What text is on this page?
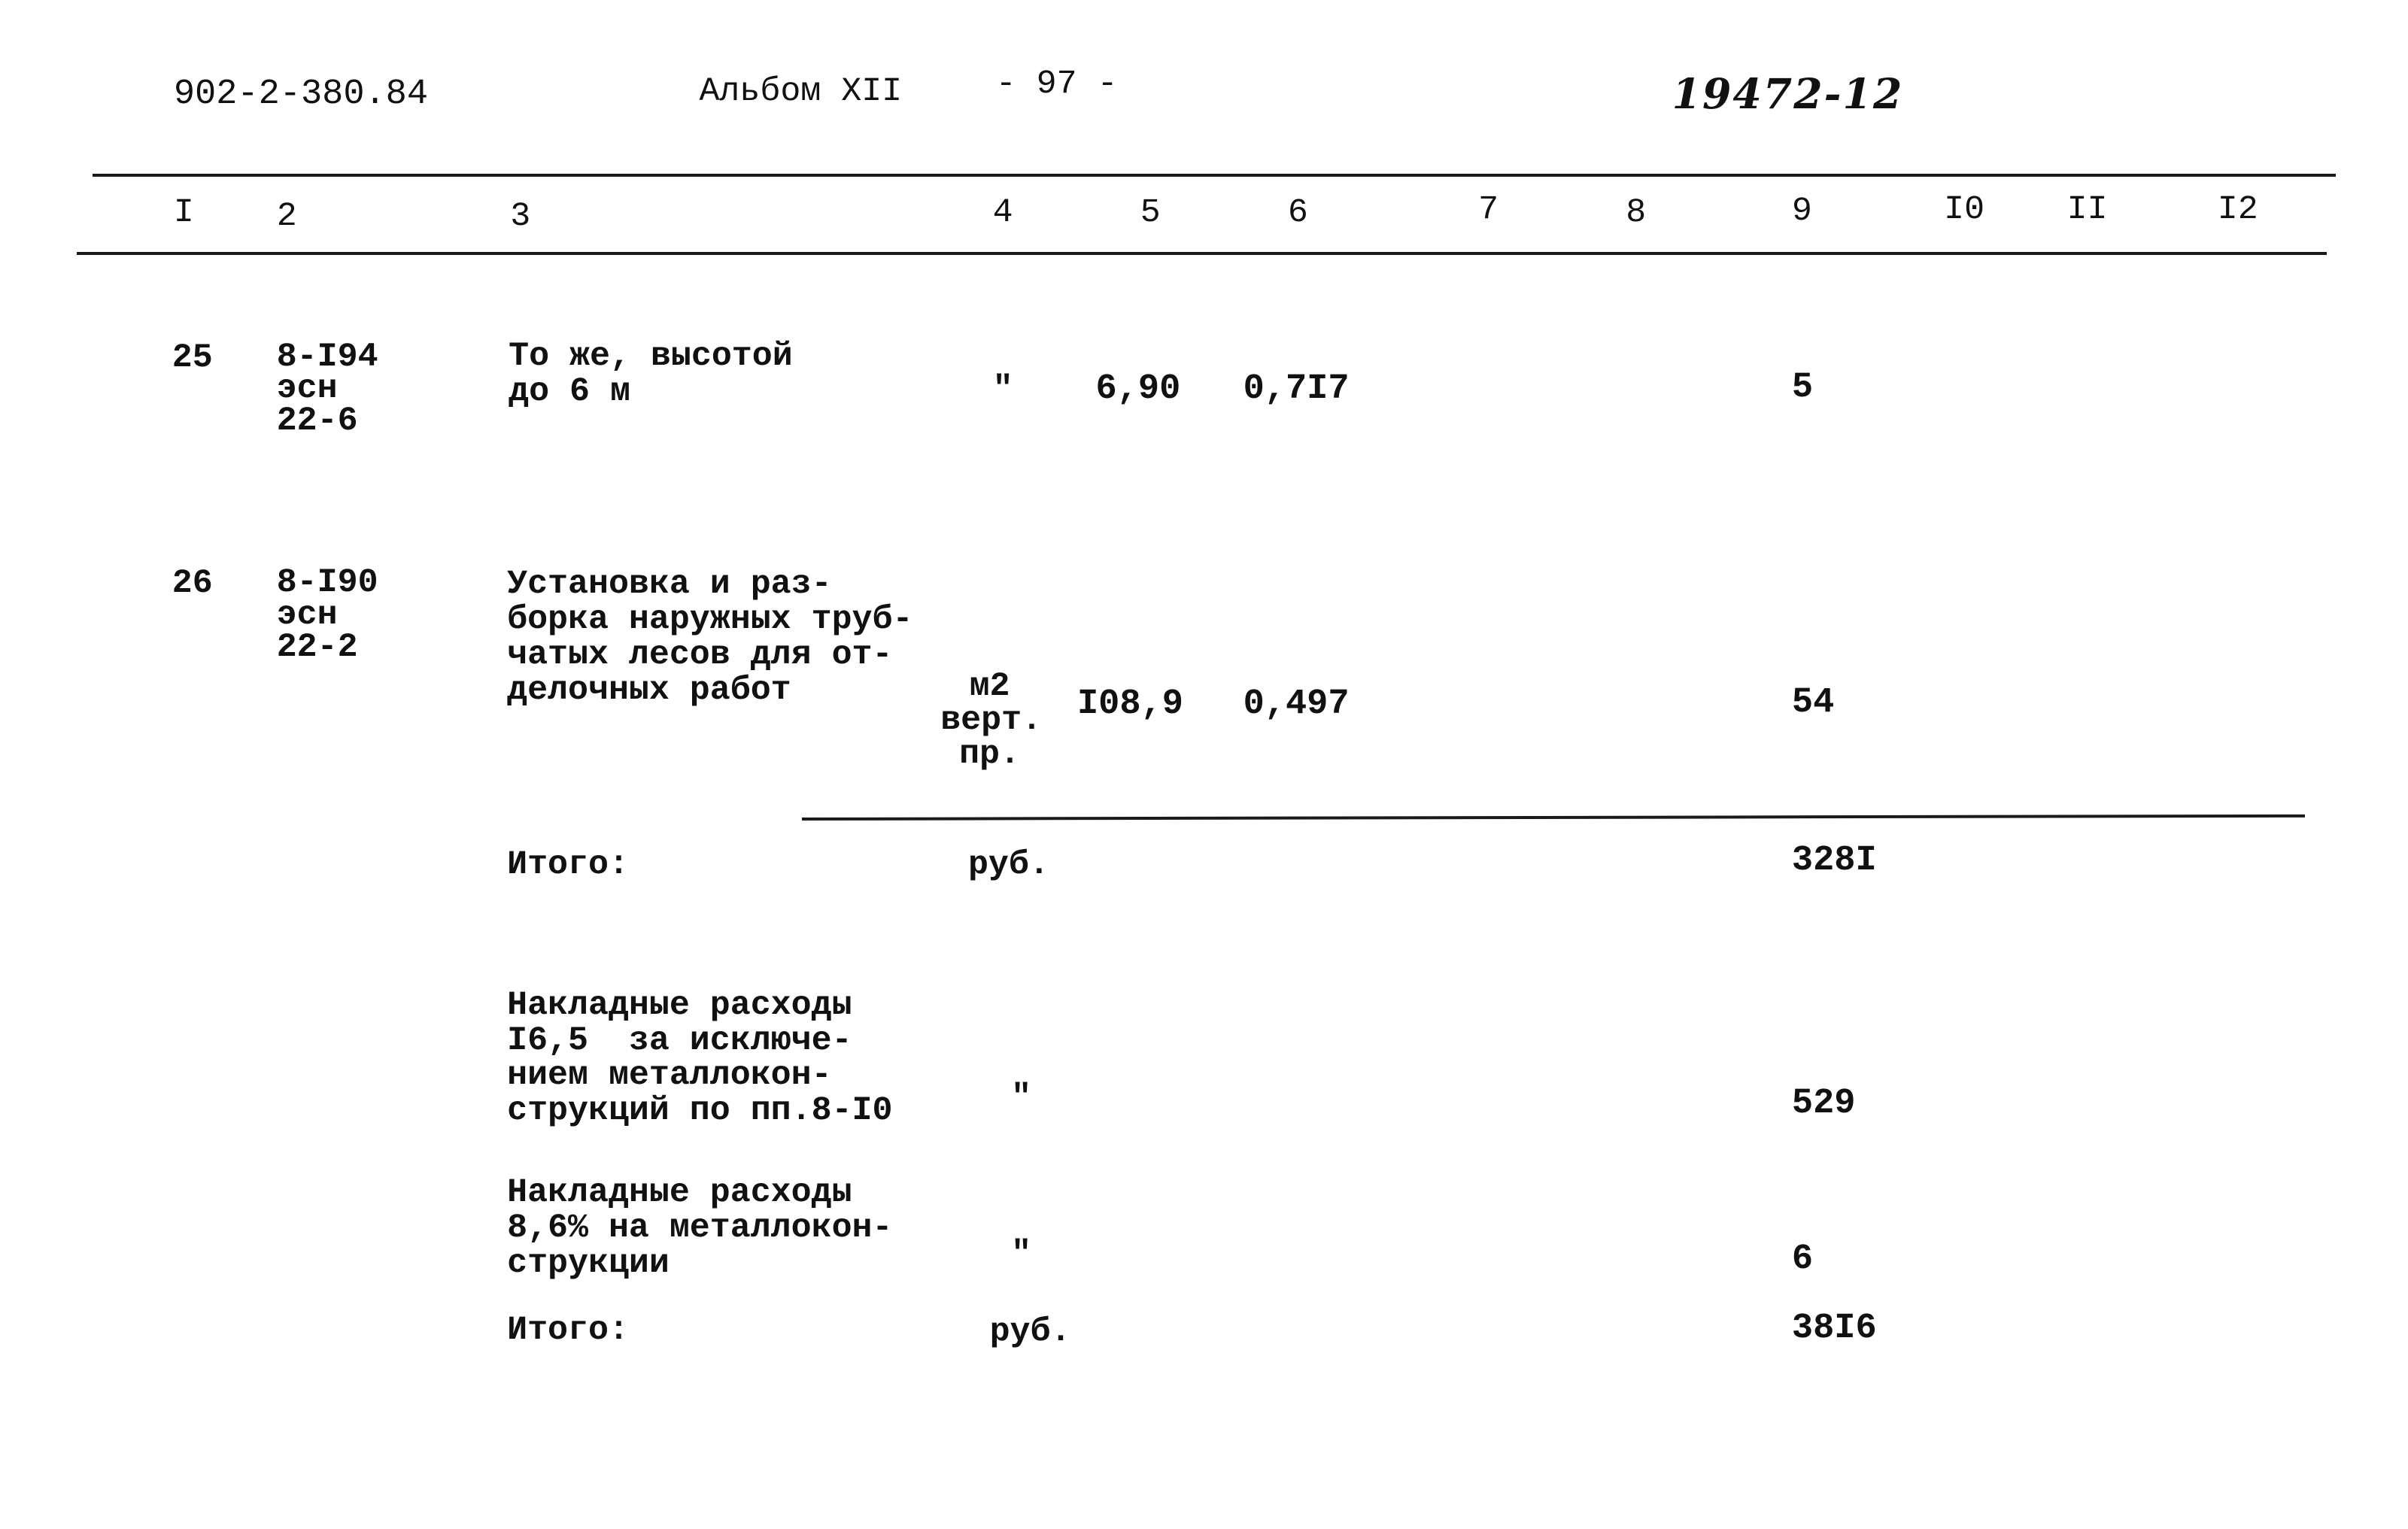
902-2-380.84	Альбом XII	- 97 -	19472-12
I	2	3	4	5	6	7	8	9	I0	II	I2
25	8-I94
эсн
22-6
То же, высотой
до 6 м	"	6,90	0,7I7	5
26	8-I90
эсн
22-2
Установка и раз-
борка наружных труб-
чатых лесов для от-
делочных работ	м2
верт.
пр.
I08,9	0,497	54
Итого:	руб.	328I
Накладные расходы
I6,5  за исключе-
нием металлокон-
струкций по пп.8-I0	"	529
Накладные расходы
8,6% на металлокон-
струкции	"	6
Итого:	руб.	38I6
